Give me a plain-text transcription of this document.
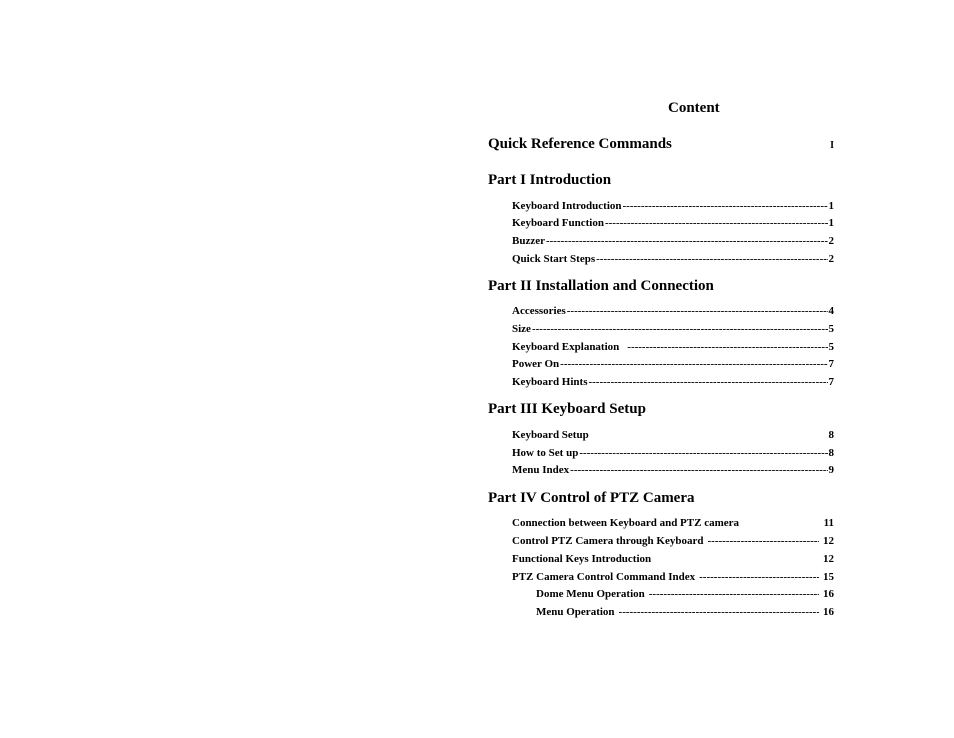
Content
Quick Reference Commands	I
Part I Introduction
Keyboard Introduction -----	1
Keyboard Function -----	1
Buzzer -----	2
Quick Start Steps -----	2
Part II Installation and Connection
Accessories -----	4
Size -----	5
Keyboard Explanation -----	5
Power On -----	7
Keyboard Hints -----	7
Part III Keyboard Setup
Keyboard Setup	8
How to Set up -----	8
Menu Index -----	9
Part IV Control of PTZ Camera
Connection between Keyboard and PTZ camera	11
Control PTZ Camera through Keyboard -----	12
Functional Keys Introduction	12
PTZ Camera Control Command Index -----	15
Dome Menu Operation -----	16
Menu Operation -----	16
